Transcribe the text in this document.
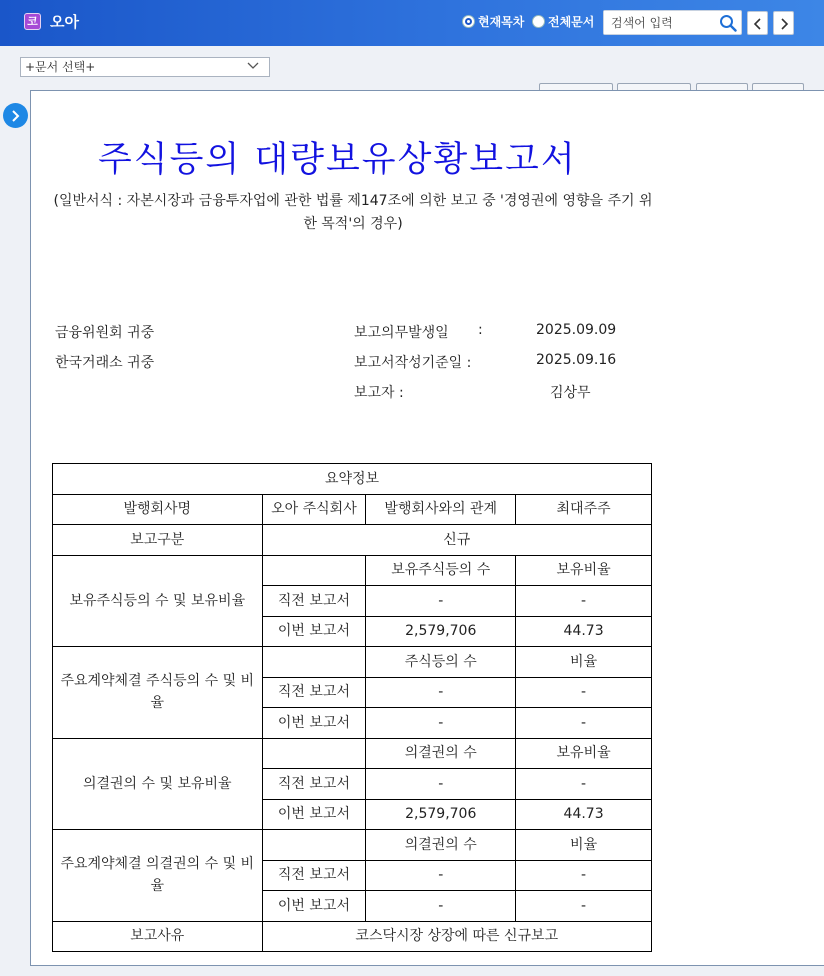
코 오아	현재목차 전체문서
검색어 입력
+문서 선택+
주식등의 대량보유상황보고서
(일반서식 : 자본시장과 금융투자업에 관한 법률 제147조에 의한 보고 중 '경영권에 영향을 주기 위한 목적'의 경우)
금융위원회 귀중
한국거래소 귀중
보고의무발생일 :	2025.09.09
보고서작성기준일 :	2025.09.16
보고자 :	김상무
요약정보			
발행회사명	오아 주식회사	발행회사와의 관계	최대주주
보고구분	신규		
보유주식등의 수 및 보유비율		보유주식등의 수	보유비율
	직전 보고서	-	-
	이번 보고서	2,579,706	44.73
주요계약체결 주식등의 수 및 비율		주식등의 수	비율
	직전 보고서	-	-
	이번 보고서	-	-
의결권의 수 및 보유비율		의결권의 수	보유비율
	직전 보고서	-	-
	이번 보고서	2,579,706	44.73
주요계약체결 의결권의 수 및 비율		의결권의 수	비율
	직전 보고서	-	-
	이번 보고서	-	-
보고사유	코스닥시장 상장에 따른 신규보고		
